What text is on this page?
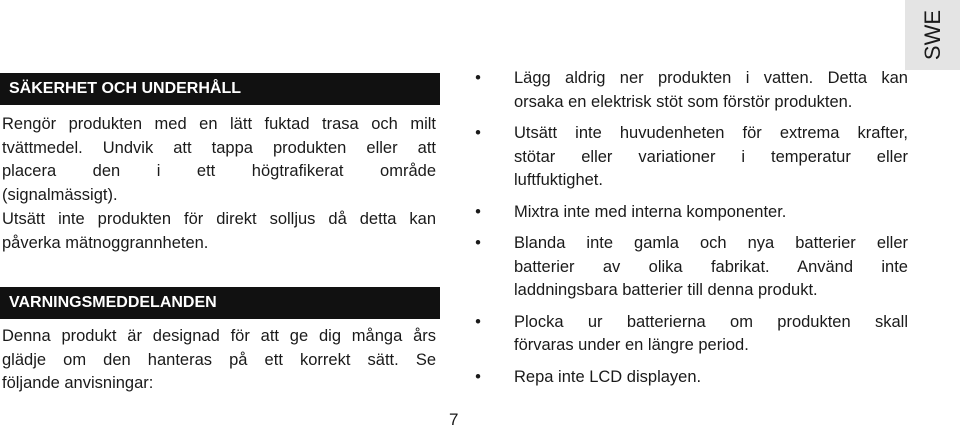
SWE
SÄKERHET OCH UNDERHÅLL
Rengör produkten med en lätt fuktad trasa och milt
tvättmedel. Undvik att tappa produkten eller att
placera den i ett högtrafikerat område
(signalmässigt).
Utsätt inte produkten för direkt solljus då detta kan
påverka mätnoggrannheten.
VARNINGSMEDDELANDEN
Denna produkt är designad för att ge dig många års
glädje om den hanteras på ett korrekt sätt. Se
följande anvisningar:
• Lägg aldrig ner produkten i vatten. Detta kan
orsaka en elektrisk stöt som förstör produkten.
• Utsätt inte huvudenheten för extrema krafter,
stötar eller variationer i temperatur eller
luftfuktighet.
• Mixtra inte med interna komponenter.
• Blanda inte gamla och nya batterier eller
batterier av olika fabrikat. Använd inte
laddningsbara batterier till denna produkt.
• Plocka ur batterierna om produkten skall
förvaras under en längre period.
• Repa inte LCD displayen.
7
